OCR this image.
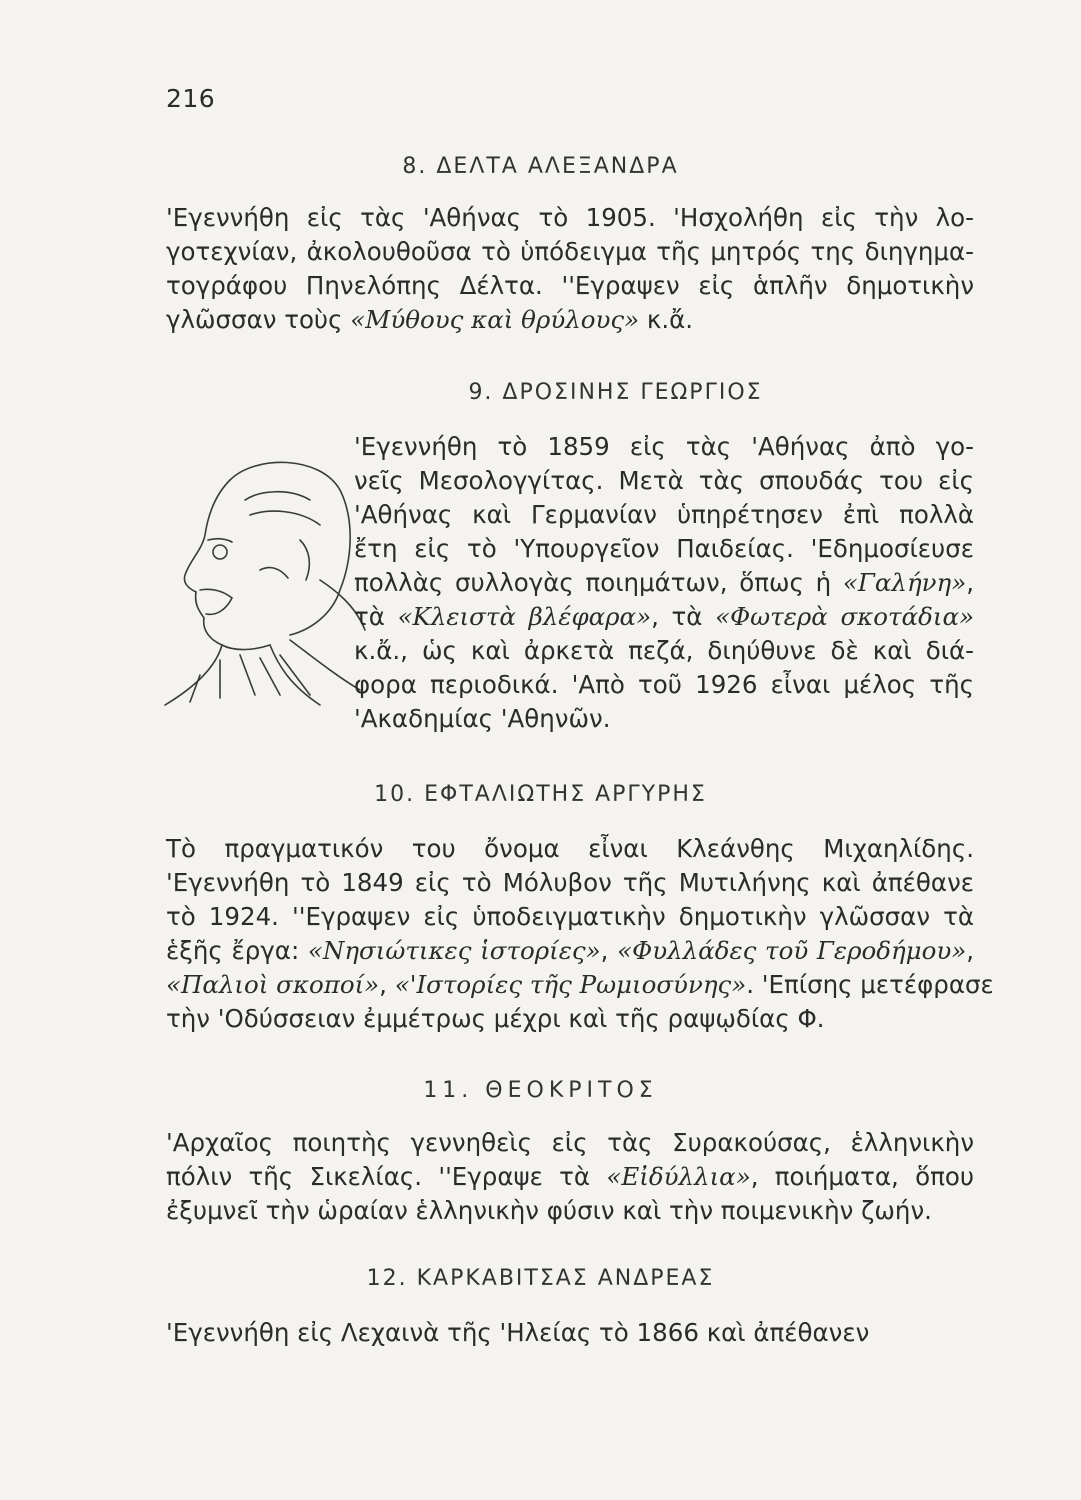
216
8. ΔΕΛΤΑ ΑΛΕΞΑΝΔΡΑ
'Εγεννήθη εἰς τὰς 'Αθήνας τὸ 1905. 'Ησχολήθη εἰς τὴν λο-
γοτεχνίαν, ἀκολουθοῦσα τὸ ὑπόδειγμα τῆς μητρός της διηγημα-
τογράφου Πηνελόπης Δέλτα. ''Εγραψεν εἰς ἁπλῆν δημοτικὴν
γλῶσσαν τοὺς «Μύθους καὶ θρύλους» κ.ἄ.
9. ΔΡΟΣΙΝΗΣ ΓΕΩΡΓΙΟΣ
'Εγεννήθη τὸ 1859 εἰς τὰς 'Αθήνας ἀπὸ γο-
νεῖς Μεσολογγίτας. Μετὰ τὰς σπουδάς του εἰς
'Αθήνας καὶ Γερμανίαν ὑπηρέτησεν ἐπὶ πολλὰ
ἔτη εἰς τὸ 'Υπουργεῖον Παιδείας. 'Εδημοσίευσε
πολλὰς συλλογὰς ποιημάτων, ὅπως ἡ «Γαλήνη»,
τὰ «Κλειστὰ βλέφαρα», τὰ «Φωτερὰ σκοτάδια»
κ.ἄ., ὡς καὶ ἀρκετὰ πεζά, διηύθυνε δὲ καὶ διά-
φορα περιοδικά. 'Απὸ τοῦ 1926 εἶναι μέλος τῆς
'Ακαδημίας 'Αθηνῶν.
10. ΕΦΤΑΛΙΩΤΗΣ ΑΡΓΥΡΗΣ
Τὸ πραγματικόν του ὄνομα εἶναι Κλεάνθης Μιχαηλίδης.
'Εγεννήθη τὸ 1849 εἰς τὸ Μόλυβον τῆς Μυτιλήνης καὶ ἀπέθανε
τὸ 1924. ''Εγραψεν εἰς ὑποδειγματικὴν δημοτικὴν γλῶσσαν τὰ
ἑξῆς ἔργα: «Νησιώτικες ἱστορίες», «Φυλλάδες τοῦ Γεροδήμου»,
«Παλιοὶ σκοποί», «'Ιστορίες τῆς Ρωμιοσύνης». 'Επίσης μετέφρασε
τὴν 'Οδύσσειαν ἐμμέτρως μέχρι καὶ τῆς ραψῳδίας Φ.
11. ΘΕΟΚΡΙΤΟΣ
'Αρχαῖος ποιητὴς γεννηθεὶς εἰς τὰς Συρακούσας, ἑλληνικὴν
πόλιν τῆς Σικελίας. ''Εγραψε τὰ «Εἰδύλλια», ποιήματα, ὅπου
ἐξυμνεῖ τὴν ὡραίαν ἑλληνικὴν φύσιν καὶ τὴν ποιμενικὴν ζωήν.
12. ΚΑΡΚΑΒΙΤΣΑΣ ΑΝΔΡΕΑΣ
'Εγεννήθη εἰς Λεχαινὰ τῆς 'Ηλείας τὸ 1866 καὶ ἀπέθανεν
